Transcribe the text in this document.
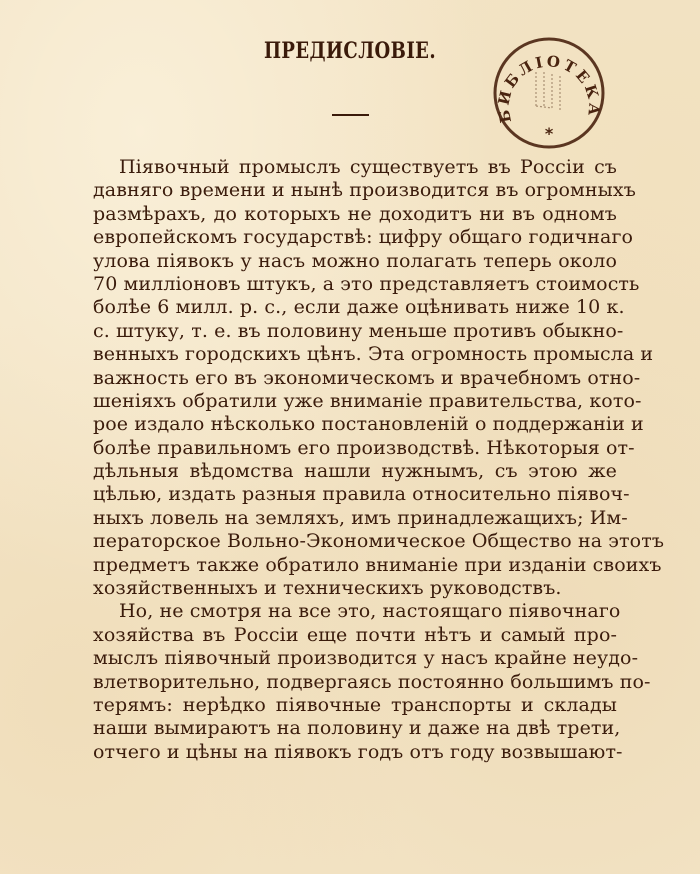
ПРЕДИСЛОВІЕ.
БИБЛIОТЕКА
*
Піявочный промыслъ существуетъ въ Россіи съ
давняго времени и нынѣ производится въ огромныхъ
размѣрахъ, до которыхъ не доходитъ ни въ одномъ
европейскомъ государствѣ: цифру общаго годичнаго
улова піявокъ у насъ можно полагать теперь около
70 милліоновъ штукъ, а это представляетъ стоимость
болѣе 6 милл. р. с., если даже оцѣнивать ниже 10 к.
с. штуку, т. е. въ половину меньше противъ обыкно-
венныхъ городскихъ цѣнъ. Эта огромность промысла и
важность его въ экономическомъ и врачебномъ отно-
шеніяхъ обратили уже вниманіе правительства, кото-
рое издало нѣсколько постановленій о поддержаніи и
болѣе правильномъ его производствѣ. Нѣкоторыя от-
дѣльныя вѣдомства нашли нужнымъ, съ этою же
цѣлью, издать разныя правила относительно піявоч-
ныхъ ловель на земляхъ, имъ принадлежащихъ; Им-
ператорское Вольно-Экономическое Общество на этотъ
предметъ также обратило вниманіе при изданіи своихъ
хозяйственныхъ и техническихъ руководствъ.
Но, не смотря на все это, настоящаго піявочнаго
хозяйства въ Россіи еще почти нѣтъ и самый про-
мыслъ піявочный производится у насъ крайне неудо-
влетворительно, подвергаясь постоянно большимъ по-
терямъ: нерѣдко піявочные транспорты и склады
наши вымираютъ на половину и даже на двѣ трети,
отчего и цѣны на піявокъ годъ отъ году возвышают-
